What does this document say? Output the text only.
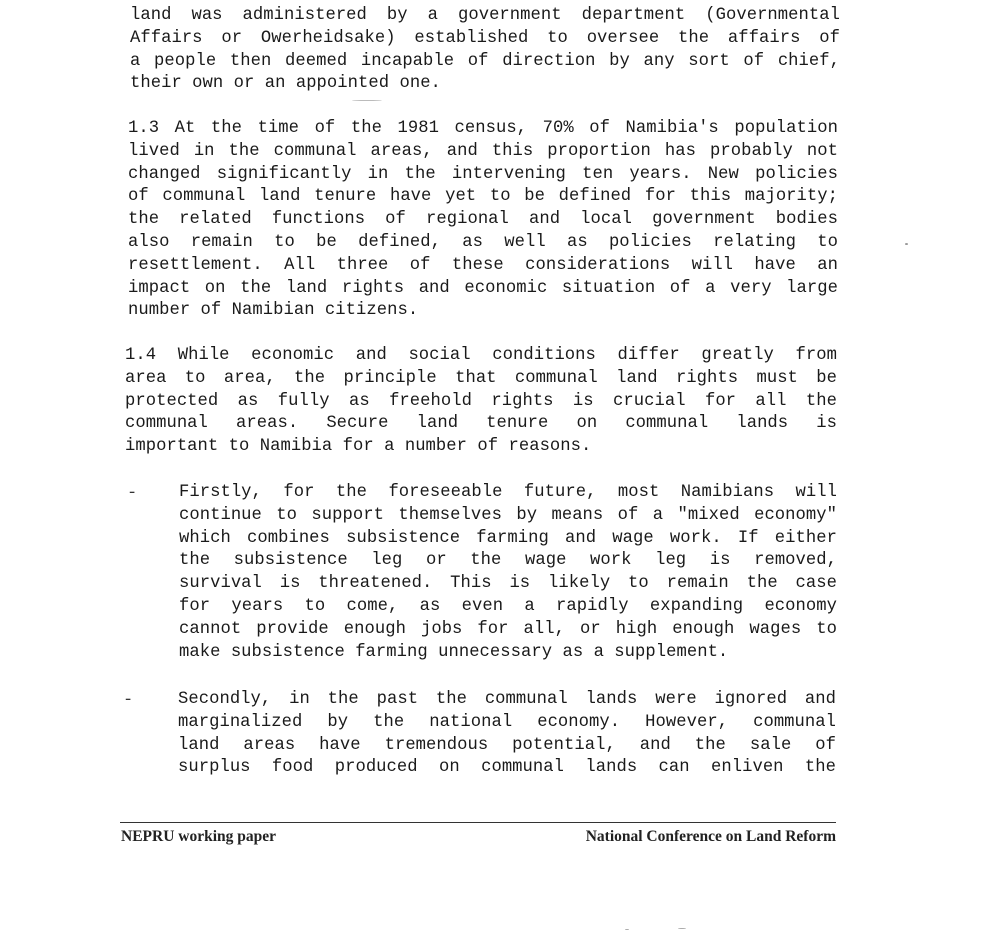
land was administered by a government department (Governmental
Affairs or Owerheidsake) established to oversee the affairs of
a people then deemed incapable of direction by any sort of chief,
their own or an appointed one.
1.3 At the time of the 1981 census, 70% of Namibia's population
lived in the communal areas, and this proportion has probably not
changed significantly in the intervening ten years. New policies
of communal land tenure have yet to be defined for this majority;
the related functions of regional and local government bodies
also remain to be defined, as well as policies relating to
resettlement. All three of these considerations will have an
impact on the land rights and economic situation of a very large
number of Namibian citizens.
1.4 While economic and social conditions differ greatly from
area to area, the principle that communal land rights must be
protected as fully as freehold rights is crucial for all the
communal areas. Secure land tenure on communal lands is
important to Namibia for a number of reasons.
- Firstly, for the foreseeable future, most Namibians will
continue to support themselves by means of a "mixed economy"
which combines subsistence farming and wage work. If either
the subsistence leg or the wage work leg is removed,
survival is threatened. This is likely to remain the case
for years to come, as even a rapidly expanding economy
cannot provide enough jobs for all, or high enough wages to
make subsistence farming unnecessary as a supplement.
-	Secondly, in the past the communal lands were ignored and
marginalized by the national economy. However, communal
land areas have tremendous potential, and the sale of
surplus food produced on communal lands can enliven the
NEPRU working paper	National Conference on Land Reform
